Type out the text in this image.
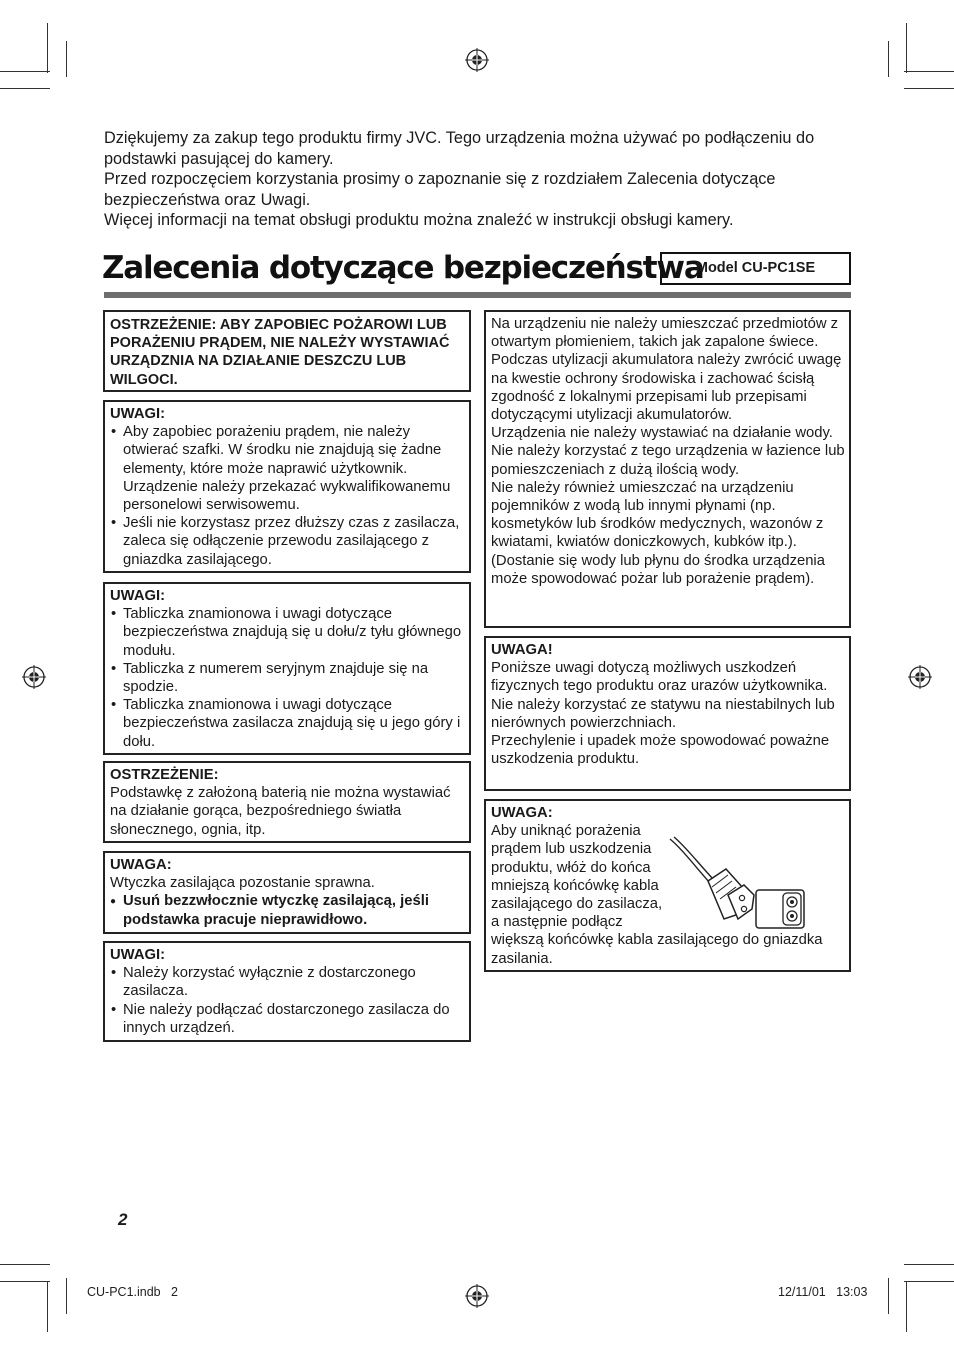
Dziękujemy za zakup tego produktu firmy JVC. Tego urządzenia można używać po podłączeniu do podstawki pasującej do kamery.

Przed rozpoczęciem korzystania prosimy o zapoznanie się z rozdziałem Zalecenia dotyczące bezpieczeństwa oraz Uwagi.

Więcej informacji na temat obsługi produktu można znaleźć w instrukcji obsługi kamery.

Zalecenia dotyczące bezpieczeństwa
Model CU-PC1SE
OSTRZEŻENIE: ABY ZAPOBIEC POŻAROWI LUB PORAŻENIU PRĄDEM, NIE NALEŻY WYSTAWIAĆ URZĄDZNIA NA DZIAŁANIE DESZCZU LUB WILGOCI.
UWAGI:
• Aby zapobiec porażeniu prądem, nie należy otwierać szafki. W środku nie znajdują się żadne elementy, które może naprawić użytkownik. Urządzenie należy przekazać wykwalifikowanemu personelowi serwisowemu.
• Jeśli nie korzystasz przez dłuższy czas z zasilacza, zaleca się odłączenie przewodu zasilającego z gniazdka zasilającego.
UWAGI:
• Tabliczka znamionowa i uwagi dotyczące bezpieczeństwa znajdują się u dołu/z tyłu głównego modułu.
• Tabliczka z numerem seryjnym znajduje się na spodzie.
• Tabliczka znamionowa i uwagi dotyczące bezpieczeństwa zasilacza znajdują się u jego góry i dołu.
OSTRZEŻENIE:

Podstawkę z założoną baterią nie można wystawiać na działanie gorąca, bezpośredniego światła słonecznego, ognia, itp.

UWAGA:

Wtyczka zasilająca pozostanie sprawna.

● Usuń bezzwłocznie wtyczkę zasilającą, jeśli podstawka pracuje nieprawidłowo.
UWAGI:
• Należy korzystać wyłącznie z dostarczonego zasilacza.
• Nie należy podłączać dostarczonego zasilacza do innych urządzeń.

Na urządzeniu nie należy umieszczać przedmiotów z otwartym płomieniem, takich jak zapalone świece.

Podczas utylizacji akumulatora należy zwrócić uwagę na kwestie ochrony środowiska i zachować ścisłą zgodność z lokalnymi przepisami lub przepisami dotyczącymi utylizacji akumulatorów.

Urządzenia nie należy wystawiać na działanie wody.

Nie należy korzystać z tego urządzenia w łazience lub pomieszczeniach z dużą ilością wody.

Nie należy również umieszczać na urządzeniu pojemników z wodą lub innymi płynami (np. kosmetyków lub środków medycznych, wazonów z kwiatami, kwiatów doniczkowych, kubków itp.). (Dostanie się wody lub płynu do środka urządzenia może spowodować pożar lub porażenie prądem).

UWAGA!

Poniższe uwagi dotyczą możliwych uszkodzeń fizycznych tego produktu oraz urazów użytkownika.

Nie należy korzystać ze statywu na niestabilnych lub nierównych powierzchniach.

Przechylenie i upadek może spowodować poważne uszkodzenia produktu.

UWAGA:

Aby uniknąć porażenia prądem lub uszkodzenia produktu, włóż do końca mniejszą końcówkę kabla zasilającego do zasilacza, a następnie podłącz

większą końcówkę kabla zasilającego do gniazdka zasilania.

2
CU-PC1.indb   2	12/11/01   13:03
